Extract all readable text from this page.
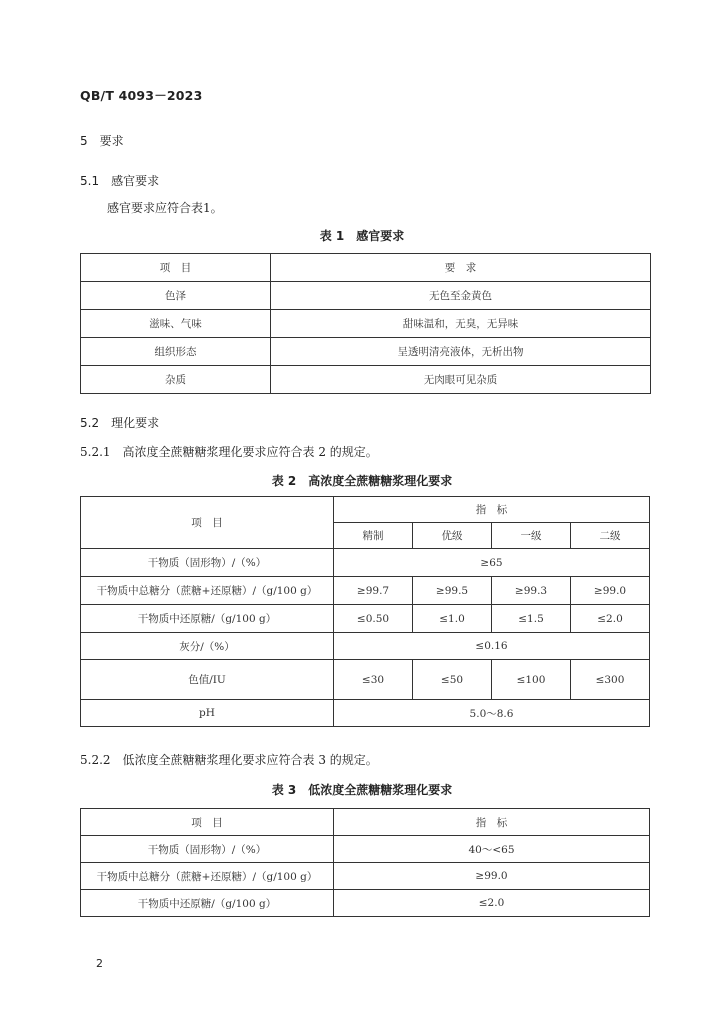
QB/T 4093－2023
5　要求
5.1　感官要求
感官要求应符合表1。
表 1　感官要求
项　目	要　求
色泽	无色至金黄色
滋味、气味	甜味温和，无臭，无异味
组织形态	呈透明清亮液体，无析出物
杂质	无肉眼可见杂质
5.2　理化要求
5.2.1　高浓度全蔗糖糖浆理化要求应符合表 2 的规定。
表 2　高浓度全蔗糖糖浆理化要求
项　目	指　标			
	精制	优级	一级	二级
干物质（固形物）/（%）	≥65			
干物质中总糖分（蔗糖+还原糖）/（g/100 g）	≥99.7	≥99.5	≥99.3	≥99.0
干物质中还原糖/（g/100 g）	≤0.50	≤1.0	≤1.5	≤2.0
灰分/（%）	≤0.16			
色值/IU	≤30	≤50	≤100	≤300
pH	5.0～8.6			
5.2.2　低浓度全蔗糖糖浆理化要求应符合表 3 的规定。
表 3　低浓度全蔗糖糖浆理化要求
项　目	指　标
干物质（固形物）/（%）	40～<65
干物质中总糖分（蔗糖+还原糖）/（g/100 g）	≥99.0
干物质中还原糖/（g/100 g）	≤2.0
2
